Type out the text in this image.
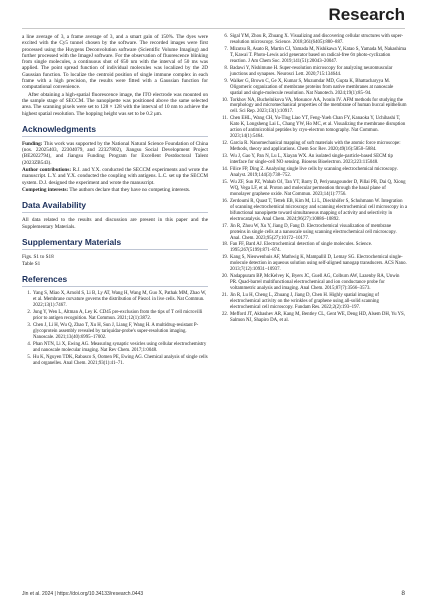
Research

a line average of 3, a frame average of 3, and a smart gain of 150%. The dyes were excited with the Cy5 tunnel chosen by the software. The recorded images were first processed using the Huygens Deconvolution software (Scientific Volume Imaging) and further processed with the ImageJ software. For the observation of fluorescence blinking from single molecules, a continuous shot of 650 nm with the interval of 50 ms was applied. The point spread function of individual molecules was localized by the 2D Gaussian function. To localize the centroid position of single immune complex in each frame with a high precision, the results were fitted with a Gaussian function for computational convenience.

After obtaining a high-spatial fluorescence image, the ITO electrode was mounted on the sample stage of SECCM. The nanopipette was positioned above the same selected area. The scanning pixels were set to 128 × 128 with the interval of 10 nm to achieve the highest spatial resolution. The hopping height was set to be 0.2 μm.

Acknowledgments

Funding: This work was supported by the National Natural Science Foundation of China (nos. 22025403, 22304079, and 22327802), Jiangsu Social Development Project (BE2022794), and Jiangsu Funding Program for Excellent Postdoctoral Talent (2023ZB543).

Author contributions: R.J. and Y.X. conducted the SECCM experiments and wrote the manuscript. L.Y. and Y.X. conducted the coupling with antigens. L.C. set up the SECCM system. D.J. designed the experiment and wrote the manuscript.

Competing interests: The authors declare that they have no competing interests.

Data Availability

All data related to the results and discussion are present in this paper and the Supplementary Materials.

Supplementary Materials

Figs. S1 to S18

Table S1

References
1. Yang S, Miao X, Arnold S, Li B, Ly AT, Wang H, Wang M, Guo X, Pathak MM, Zhao W, et al. Membrane curvature governs the distribution of Piezo1 in live cells. Nat Commun. 2022;13(1):7467.
2. Jung Y, Wen L, Altman A, Ley K. CD45 pre-exclusion from the tips of T cell microvilli prior to antigen recognition. Nat Commun. 2021;12(1):3872.
3. Chen J, Li H, Wu Q, Zhao T, Xu H, Sun J, Liang F, Wang H. A multidrug-resistant P-glycoprotein assembly revealed by tariquidar-probe's super-resolution imaging. Nanoscale. 2021;13(40):6995–17002.
4. Phan NTN, Li X, Ewing AG. Measuring synaptic vesicles using cellular electrochemistry and nanoscale molecular imaging. Nat Rev Chem. 2017;1:0048.
5. Hu K, Nguyen TDK, Rabasco S, Oomen PE, Ewing AG. Chemical analysis of single cells and organelles. Anal Chem. 2021;93(1):41–71.
6. Sigal YM, Zhou R, Zhuang X. Visualizing and discovering cellular structures with super-resolution microscopy. Science. 2018;361(6405):880–887.
7. Mizutsu R, Asato R, Martin CJ, Yamada M, Nishikawa Y, Katao S, Yamada M, Nakashima T, Kawai T. Photo-Lewis acid generator based on radical-free 6π photo-cyclization reaction. J Am Chem Soc. 2019;141(51):20043–20047.
8. Badawi Y, Nishimune H. Super-resolution microscopy for analyzing neuromuscular junctions and synapses. Neurosci Lett. 2020;715:134644.
9. Walker G, Brown C, Ge X, Kumar S, Muzumdar MD, Gupta K, Bhattacharyya M. Oligomeric organization of membrane proteins from native membranes at nanoscale spatial and single-molecule resolution. Nat Nanotech. 2024;19(1):85–94.
10. Torkhov NA, Buchelnikova VA, Mosunov AA, Ivonin IV. AFM methods for studying the morphology and micromechanical properties of the membrane of human buccal epithelium cell. Sci Rep. 2023;13(1):10917.
11. Chen EHL, Wang CH, Yu-Ting Liao YT, Feng-Yueh Chan FY, Kanaoka Y, Uchihashi T, Kato K, Longsheng Lai L, Chang YW, Ho MC, et al. Visualizing the membrane disruption action of antimicrobial peptides by cryo-electron tomography. Nat Commun. 2023;14(1):5464.
12. Garcia R. Nanomechanical mapping of soft materials with the atomic force microscope: Methods, theory and applications. Chem Soc Rev. 2020;49(16):5850–5884.
13. Wu J, Gao Y, Pan N, Lu L, Xiayan WX. An isolated single-particle-based SECM tip interface for single-cell NO sensing. Biosens Bioelectron. 2023;223:115048.
14. Filice FP, Ding Z. Analysing single live cells by scanning electrochemical microscopy. Analyst. 2019;144(3):738–752.
15. Wu ZF, Sun PZ, Wahab OJ, Tan YT, Barry D, Periyanagounder D, Pillai PB, Dai Q, Xiong WQ, Vega LF, et al. Proton and molecular permeation through the basal plane of monolayer graphene oxide. Nat Commun. 2023;14(1):7756.
16. Zerdoumi R, Quast T, Tetteh EB, Kim M, Li L, Dieckhöfer S, Schuhmann W. Integration of scanning electrochemical microscopy and scanning electrochemical cell microscopy in a bifunctional nanopipette toward simultaneous mapping of activity and selectivity in electrocatalysis. Anal Chem. 2024;96(27):10886–10892.
17. Jin R, Zhou W, Xu Y, Jiang D, Fang D. Electrochemical visualization of membrane proteins in single cells at a nanoscale using scanning electrochemical cell microscopy. Anal. Chem. 2023;95(27):10172–10177.
18. Fan FF, Bard AJ. Electrochemical detection of single molecules. Science. 1995;267(5199):871–874.
19. Kang S, Nieuwenhuis AF, Mathwig K, Mampallil D, Lemay SG. Electrochemical single-molecule detection in aqueous solution using self-aligned nanogap transducers. ACS Nano. 2013;7(12):10931–10937.
20. Nadappuram BP, McKelvey K, Byers JC, Guell AG, Colburn AW, Lazenby RA, Unwin PR. Quad-barrel multifunctional electrochemical and ion conductance probe for voltammetric analysis and imaging. Anal Chem. 2015;87(7):3566–3573.
21. Jin R, Lu H, Cheng L, Zhuang J, Jiang D, Chen H. Highly spatial imaging of electrochemical activity on the wrinkles of graphene using all-solid scanning electrochemical cell microscopy. Fundam Res. 2022;2(2):193–197.
22. Mefford JT, Akbashev AR, Kang M, Bentley CL, Gent WE, Deng HD, Alsem DH, Yu YS, Salmon NJ, Shapiro DA, et al.
Jin et al. 2024 | https://doi.org/10.34133/research.0443	8
